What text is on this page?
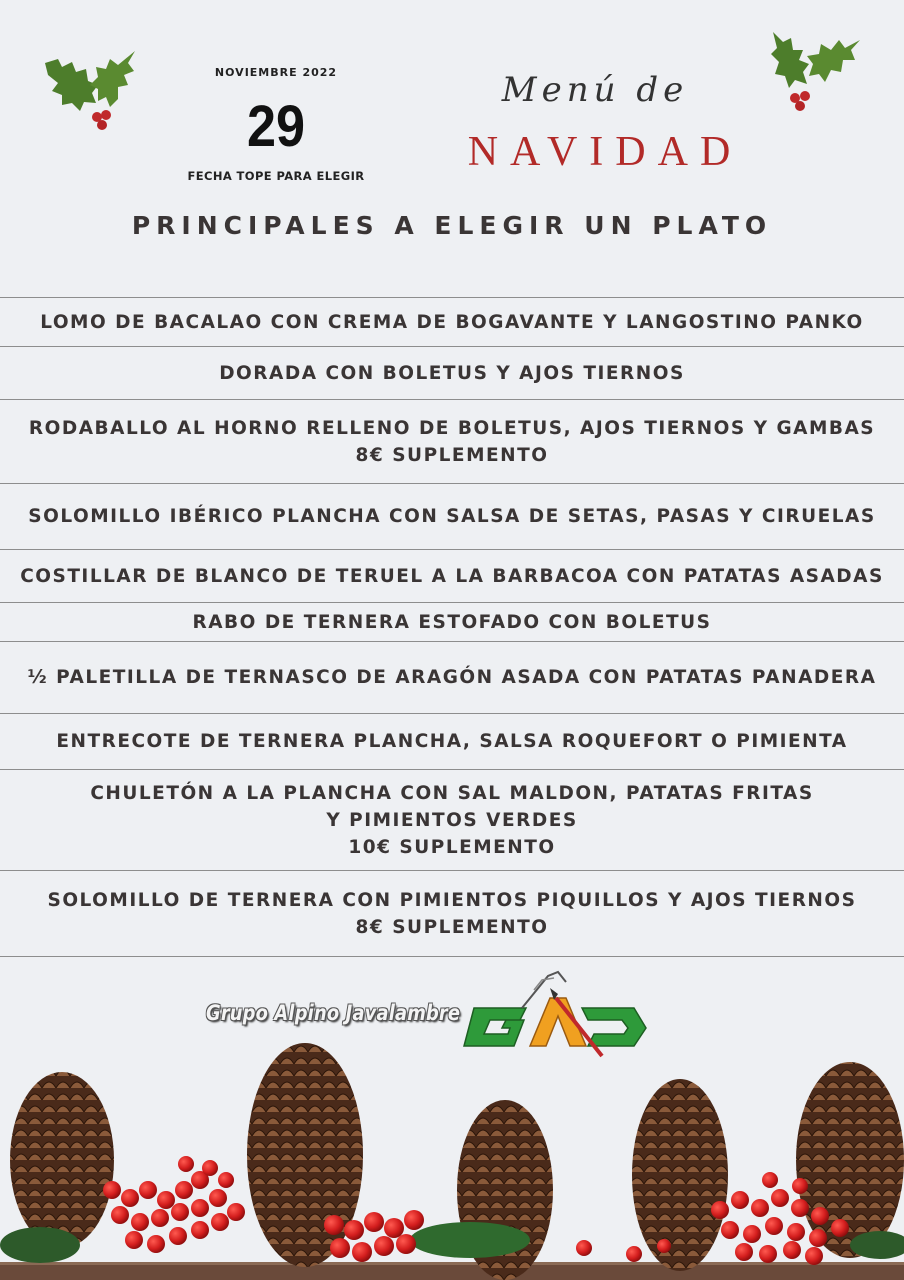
NOVIEMBRE 2022
29
FECHA TOPE PARA ELEGIR
Menú de
NAVIDAD
PRINCIPALES A ELEGIR UN PLATO
LOMO DE BACALAO CON CREMA DE BOGAVANTE Y LANGOSTINO PANKO
DORADA CON BOLETUS Y AJOS TIERNOS
RODABALLO AL HORNO RELLENO DE BOLETUS, AJOS TIERNOS Y GAMBAS
8€ SUPLEMENTO
SOLOMILLO IBÉRICO PLANCHA CON SALSA DE SETAS, PASAS Y CIRUELAS
COSTILLAR DE BLANCO DE TERUEL A LA BARBACOA CON PATATAS ASADAS
RABO DE TERNERA ESTOFADO CON BOLETUS
½ PALETILLA DE TERNASCO DE ARAGÓN ASADA CON PATATAS PANADERA
ENTRECOTE DE TERNERA PLANCHA, SALSA ROQUEFORT O PIMIENTA
CHULETÓN A LA PLANCHA CON SAL MALDON, PATATAS FRITAS
Y PIMIENTOS VERDES
10€ SUPLEMENTO
SOLOMILLO DE TERNERA CON PIMIENTOS PIQUILLOS Y AJOS TIERNOS
8€ SUPLEMENTO
Grupo Alpino Javalambre
